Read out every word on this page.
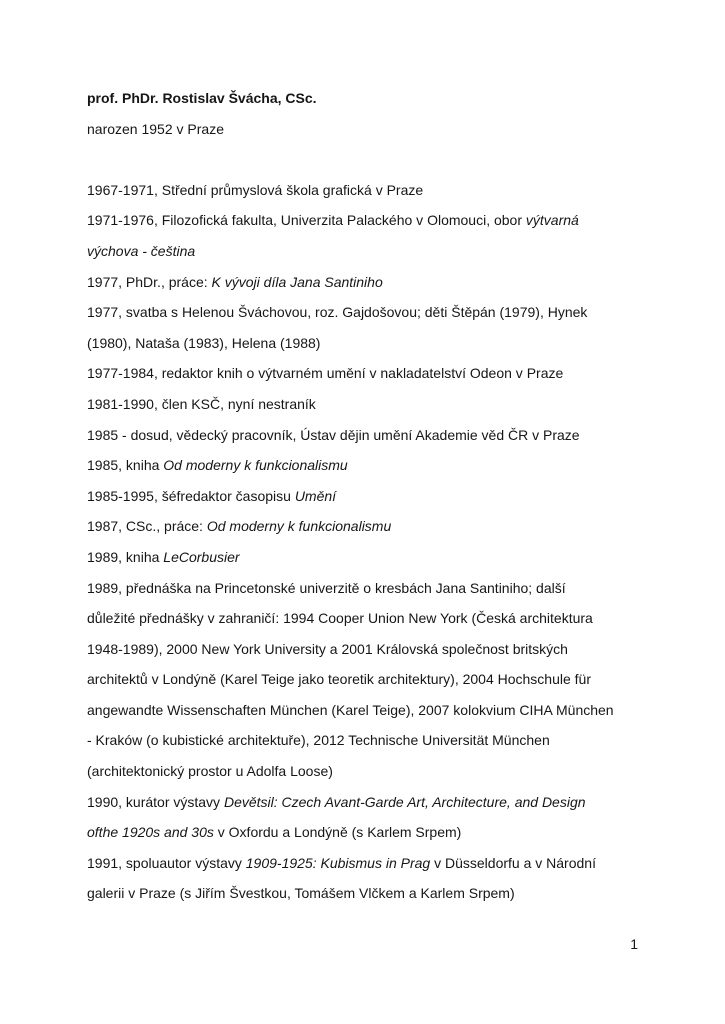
prof. PhDr. Rostislav Švácha, CSc.
narozen 1952 v Praze
1967-1971, Střední průmyslová škola grafická v Praze
1971-1976, Filozofická fakulta, Univerzita Palackého v Olomouci, obor výtvarná
výchova - čeština
1977, PhDr., práce: K vývoji díla Jana Santiniho
1977, svatba s Helenou Šváchovou, roz. Gajdošovou; děti Štěpán (1979), Hynek
(1980), Nataša (1983), Helena (1988)
1977-1984, redaktor knih o výtvarném umění v nakladatelství Odeon v Praze
1981-1990, člen KSČ, nyní nestraník
1985 - dosud, vědecký pracovník, Ústav dějin umění Akademie věd ČR v Praze
1985, kniha Od moderny k funkcionalismu
1985-1995, šéfredaktor časopisu Umění
1987, CSc., práce: Od moderny k funkcionalismu
1989, kniha LeCorbusier
1989, přednáška na Princetonské univerzitě o kresbách Jana Santiniho; další
důležité přednášky v zahraničí: 1994 Cooper Union New York (Česká architektura
1948-1989), 2000 New York University a 2001 Královská společnost britských
architektů v Londýně (Karel Teige jako teoretik architektury), 2004 Hochschule für
angewandte Wissenschaften München (Karel Teige), 2007 kolokvium CIHA München
- Kraków (o kubistické architektuře), 2012 Technische Universität München
(architektonický prostor u Adolfa Loose)
1990, kurátor výstavy Devětsil: Czech Avant-Garde Art, Architecture, and Design
ofthe 1920s and 30s v Oxfordu a Londýně (s Karlem Srpem)
1991, spoluautor výstavy 1909-1925: Kubismus in Prag v Düsseldorfu a v Národní
galerii v Praze (s Jiřím Švestkou, Tomášem Vlčkem a Karlem Srpem)
1
